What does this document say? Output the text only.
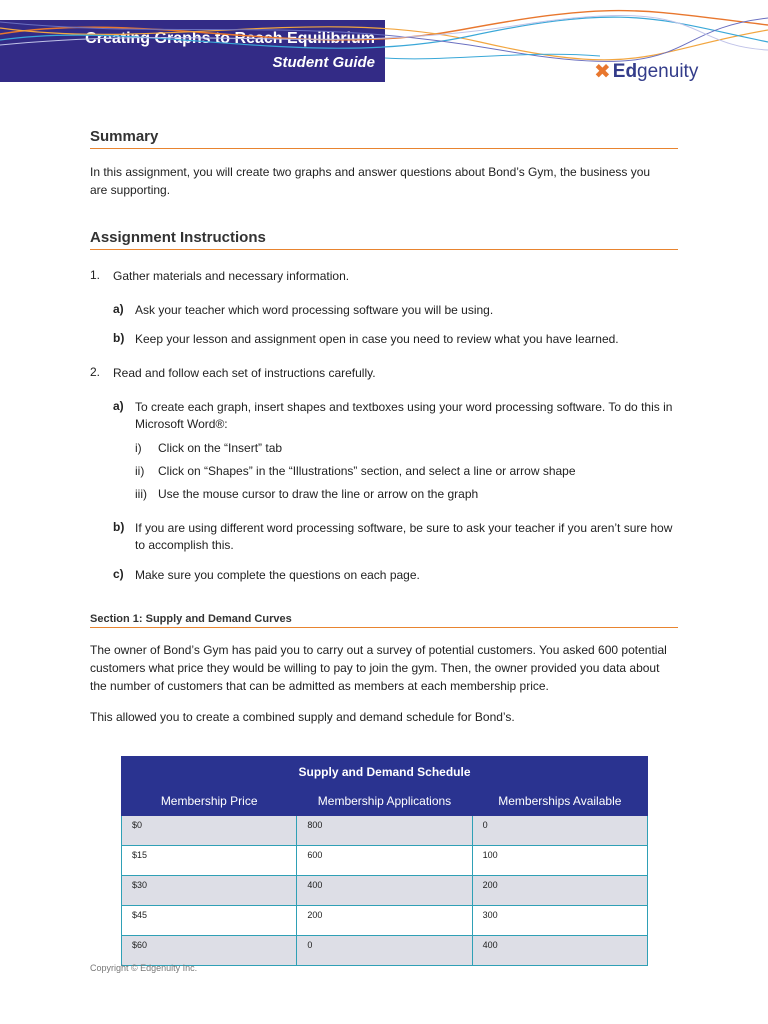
Creating Graphs to Reach Equilibrium
Student Guide	✖ Edgenuity
Summary
In this assignment, you will create two graphs and answer questions about Bond’s Gym, the business you are supporting.
Assignment Instructions
1. Gather materials and necessary information.
a) Ask your teacher which word processing software you will be using.
b) Keep your lesson and assignment open in case you need to review what you have learned.
2. Read and follow each set of instructions carefully.
a) To create each graph, insert shapes and textboxes using your word processing software. To do this in Microsoft Word®:
i) Click on the “Insert” tab
ii) Click on “Shapes” in the “Illustrations” section, and select a line or arrow shape
iii) Use the mouse cursor to draw the line or arrow on the graph
b) If you are using different word processing software, be sure to ask your teacher if you aren’t sure how to accomplish this.
c) Make sure you complete the questions on each page.
Section 1: Supply and Demand Curves
The owner of Bond’s Gym has paid you to carry out a survey of potential customers. You asked 600 potential customers what price they would be willing to pay to join the gym. Then, the owner provided you data about the number of customers that can be admitted as members at each membership price.
This allowed you to create a combined supply and demand schedule for Bond’s.
Supply and Demand Schedule		
Membership Price	Membership Applications	Memberships Available
$0	800	0
$15	600	100
$30	400	200
$45	200	300
$60	0	400
Copyright © Edgenuity Inc.
